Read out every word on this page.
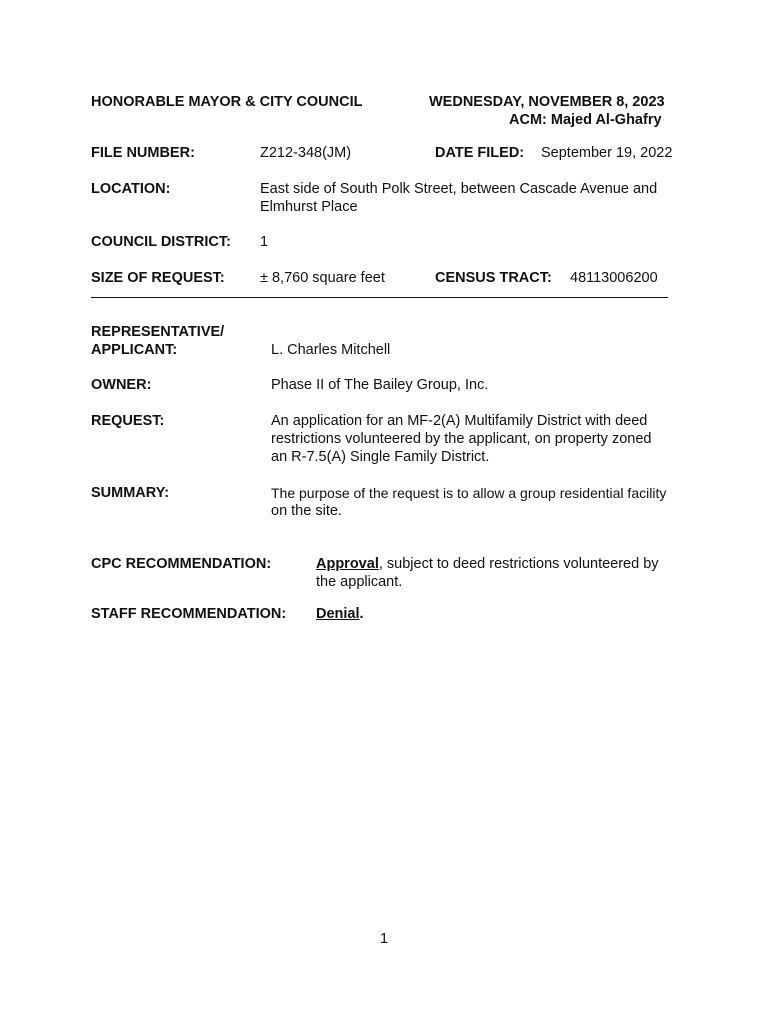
HONORABLE MAYOR & CITY COUNCIL	WEDNESDAY, NOVEMBER 8, 2023
ACM: Majed Al-Ghafry
FILE NUMBER:	Z212-348(JM)	DATE FILED: September 19, 2022
LOCATION:	East side of South Polk Street, between Cascade Avenue and
Elmhurst Place
COUNCIL DISTRICT: 1
SIZE OF REQUEST: ± 8,760 square feet	CENSUS TRACT: 48113006200
REPRESENTATIVE/
APPLICANT:	L. Charles Mitchell
OWNER:	Phase II of The Bailey Group, Inc.
REQUEST:	An application for an MF-2(A) Multifamily District with deed
restrictions volunteered by the applicant, on property zoned
an R-7.5(A) Single Family District.
SUMMARY:	The purpose of the request is to allow a group residential facility
on the site.
CPC RECOMMENDATION:	Approval, subject to deed restrictions volunteered by
the applicant.
STAFF RECOMMENDATION: Denial.
1
